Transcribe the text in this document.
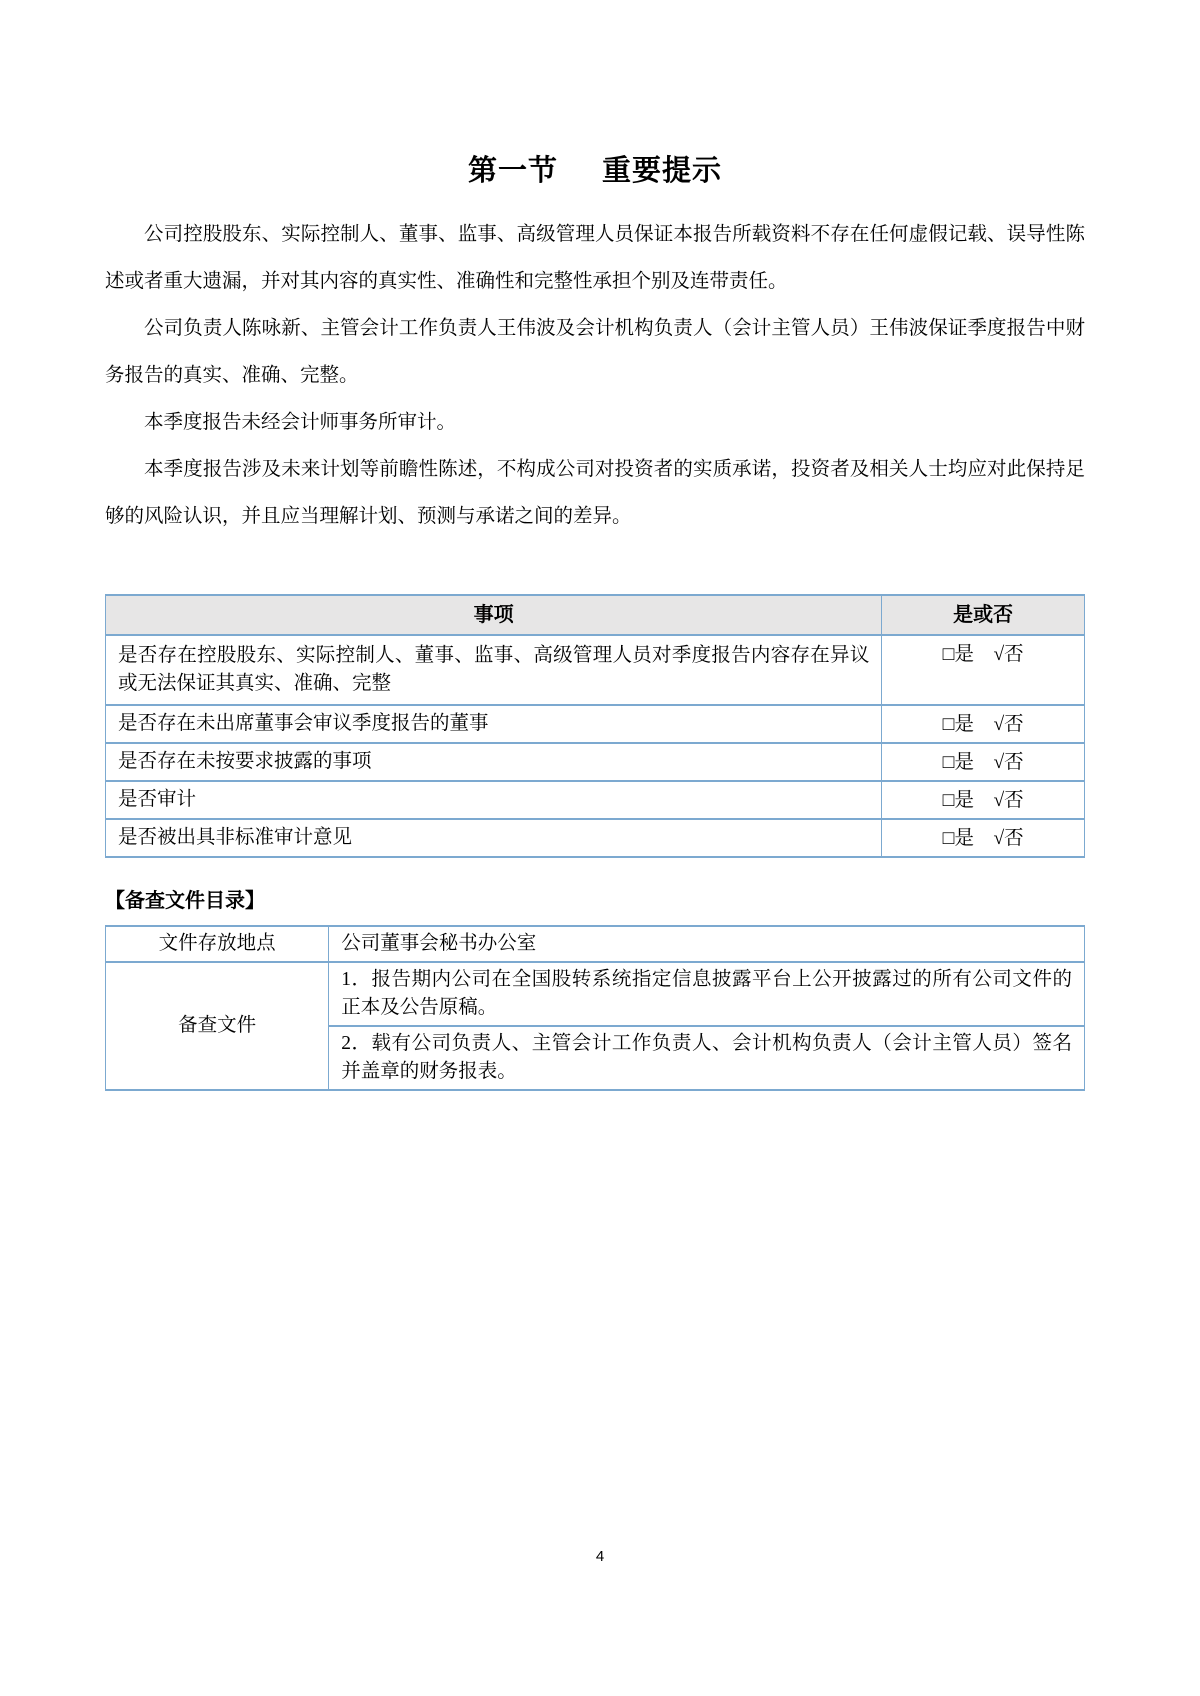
第一节 重要提示

公司控股股东、实际控制人、董事、监事、高级管理人员保证本报告所载资料不存在任何虚假记载、误导性陈述或者重大遗漏，并对其内容的真实性、准确性和完整性承担个别及连带责任。

公司负责人陈咏新、主管会计工作负责人王伟波及会计机构负责人（会计主管人员）王伟波保证季度报告中财务报告的真实、准确、完整。

本季度报告未经会计师事务所审计。

本季度报告涉及未来计划等前瞻性陈述，不构成公司对投资者的实质承诺，投资者及相关人士均应对此保持足够的风险认识，并且应当理解计划、预测与承诺之间的差异。

事项	是或否
是否存在控股股东、实际控制人、董事、监事、高级管理人员对季度报告内容存在异议或无法保证其真实、准确、完整	□是　√否
是否存在未出席董事会审议季度报告的董事	□是　√否
是否存在未按要求披露的事项	□是　√否
是否审计	□是　√否
是否被出具非标准审计意见	□是　√否
【备查文件目录】
文件存放地点	公司董事会秘书办公室
备查文件	1．报告期内公司在全国股转系统指定信息披露平台上公开披露过的所有公司文件的正本及公告原稿。
	2．载有公司负责人、主管会计工作负责人、会计机构负责人（会计主管人员）签名并盖章的财务报表。
4
